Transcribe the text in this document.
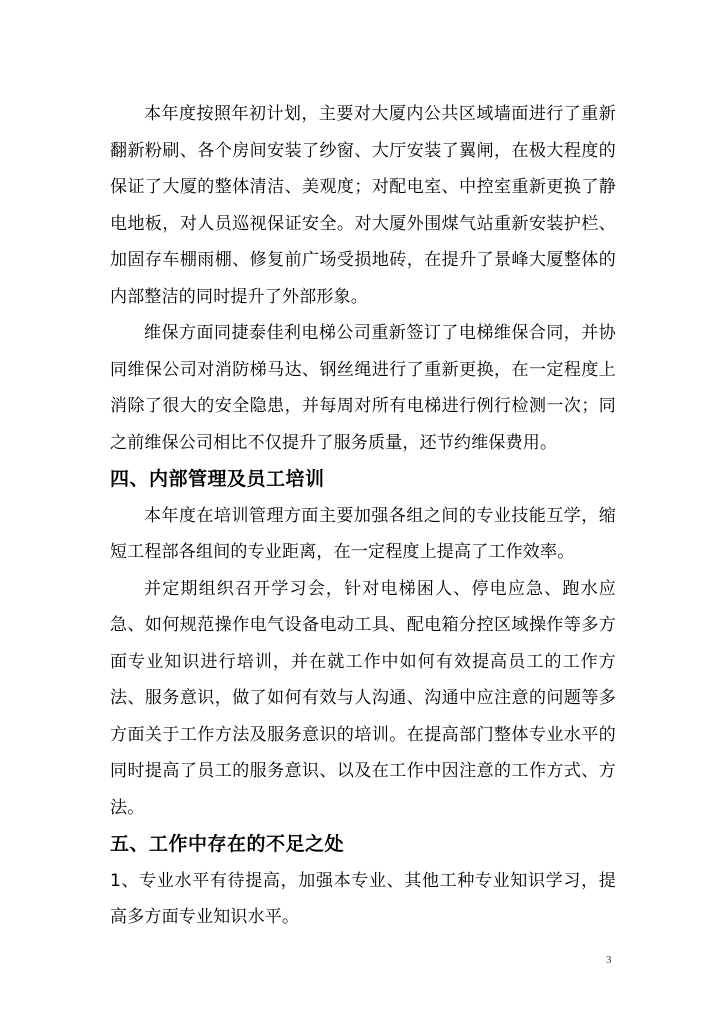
本年度按照年初计划，主要对大厦内公共区域墙面进行了重新翻新粉刷、各个房间安装了纱窗、大厅安装了翼闸，在极大程度的保证了大厦的整体清洁、美观度；对配电室、中控室重新更换了静电地板，对人员巡视保证安全。对大厦外围煤气站重新安装护栏、加固存车棚雨棚、修复前广场受损地砖，在提升了景峰大厦整体的内部整洁的同时提升了外部形象。

维保方面同捷泰佳利电梯公司重新签订了电梯维保合同，并协同维保公司对消防梯马达、钢丝绳进行了重新更换，在一定程度上消除了很大的安全隐患，并每周对所有电梯进行例行检测一次；同之前维保公司相比不仅提升了服务质量，还节约维保费用。

四、内部管理及员工培训

本年度在培训管理方面主要加强各组之间的专业技能互学，缩短工程部各组间的专业距离，在一定程度上提高了工作效率。

并定期组织召开学习会，针对电梯困人、停电应急、跑水应急、如何规范操作电气设备电动工具、配电箱分控区域操作等多方面专业知识进行培训，并在就工作中如何有效提高员工的工作方法、服务意识，做了如何有效与人沟通、沟通中应注意的问题等多方面关于工作方法及服务意识的培训。在提高部门整体专业水平的同时提高了员工的服务意识、以及在工作中因注意的工作方式、方法。

五、工作中存在的不足之处

1、专业水平有待提高，加强本专业、其他工种专业知识学习，提高多方面专业知识水平。

3
